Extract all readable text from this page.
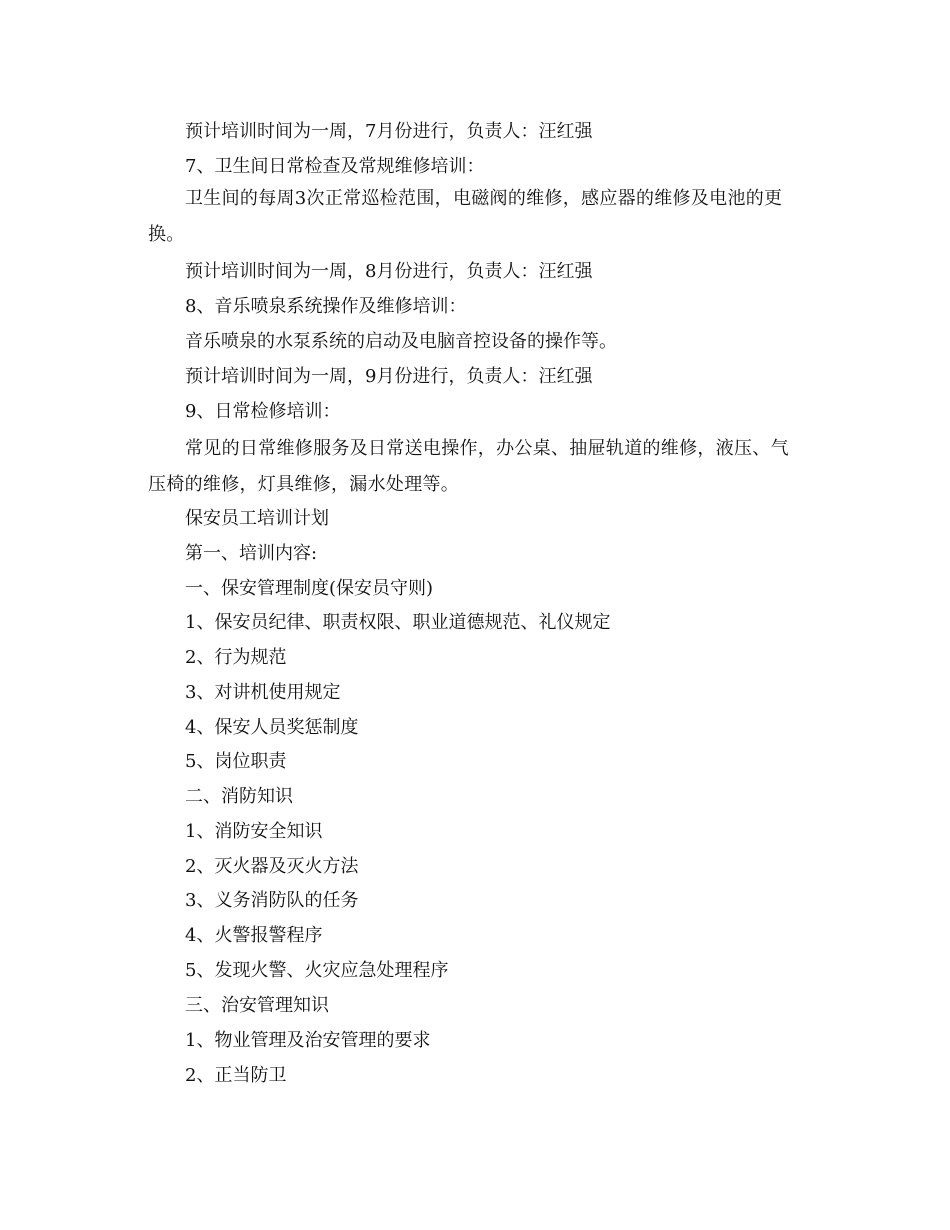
预计培训时间为一周，7月份进行，负责人：汪红强
7、卫生间日常检查及常规维修培训：
卫生间的每周3次正常巡检范围，电磁阀的维修，感应器的维修及电池的更换。
预计培训时间为一周，8月份进行，负责人：汪红强
8、音乐喷泉系统操作及维修培训：
音乐喷泉的水泵系统的启动及电脑音控设备的操作等。
预计培训时间为一周，9月份进行，负责人：汪红强
9、日常检修培训：
常见的日常维修服务及日常送电操作，办公桌、抽屉轨道的维修，液压、气压椅的维修，灯具维修，漏水处理等。
保安员工培训计划
第一、培训内容:
一、保安管理制度(保安员守则)
1、保安员纪律、职责权限、职业道德规范、礼仪规定
2、行为规范
3、对讲机使用规定
4、保安人员奖惩制度
5、岗位职责
二、消防知识
1、消防安全知识
2、灭火器及灭火方法
3、义务消防队的任务
4、火警报警程序
5、发现火警、火灾应急处理程序
三、治安管理知识
1、物业管理及治安管理的要求
2、正当防卫
